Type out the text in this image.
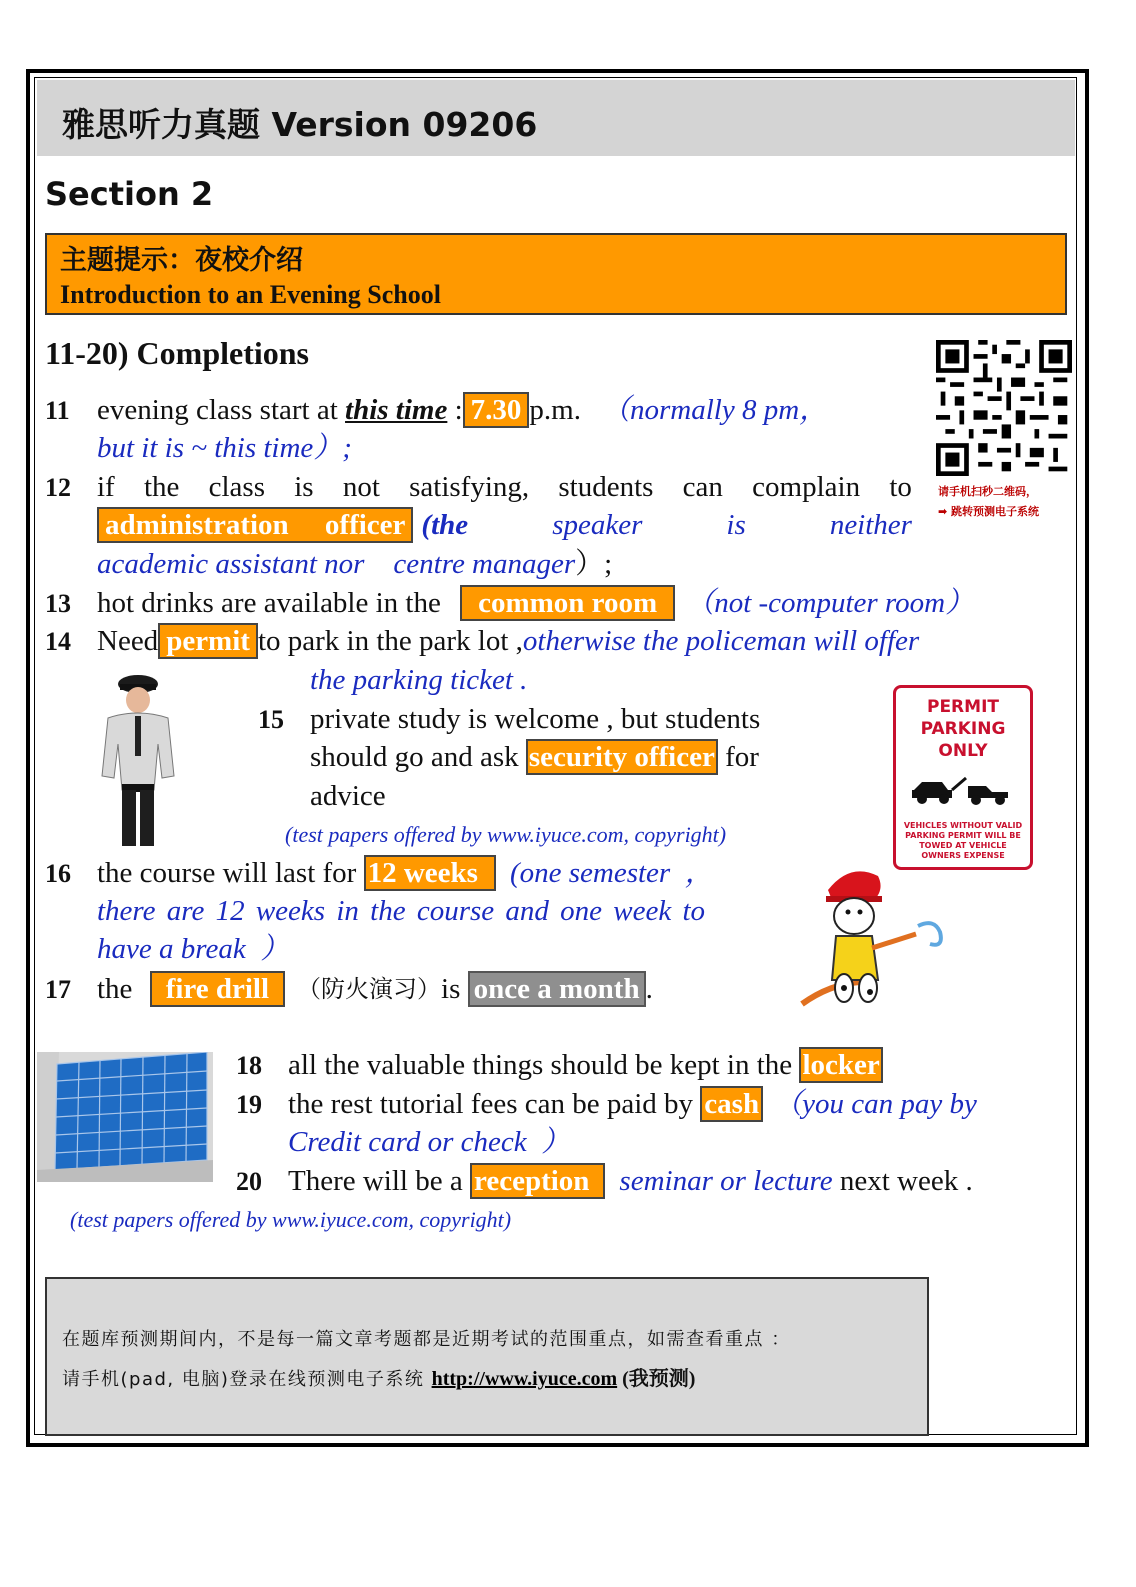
雅思听力真题 Version 09206
Section 2
主题提示：夜校介绍
Introduction to an Evening School
11-20) Completions
请手机扫秒二维码，
➡ 跳转预测电子系统
11 evening class start at this time : 7.30 p.m. （normally 8 pm，
but it is ~ this time）;
12 if the class is not satisfying, students can complain to
administration     officer (the	speaker	is	neither
academic assistant nor    centre manager）;
13 hot drinks are available in the common room （not -computer room）
14 Need permit to park in the park lot ,otherwise the policeman will offer
the parking ticket .
15 private study is welcome , but students
should go and ask security officer for
advice
PERMIT
PARKING
ONLY
VEHICLES WITHOUT VALID
PARKING PERMIT WILL BE
TOWED AT VEHICLE
OWNERS EXPENSE
(test papers offered by www.iyuce.com, copyright)
16 the course will last for 12 weeks (one semester  ，
there are 12 weeks in the course and one week to
have a break  ）
17 the fire drill	（防火演习） is once a month .
18 all the valuable things should be kept in the locker
19 the rest tutorial fees can be paid by cash （you can pay by
Credit card or check  ）
20 There will be a reception seminar or lecture next week .
(test papers offered by www.iyuce.com, copyright)
在题库预测期间内，不是每一篇文章考题都是近期考试的范围重点，如需查看重点 ：
请手机(pad, 电脑)登录在线预测电子系统 http://www.iyuce.com (我预测)
